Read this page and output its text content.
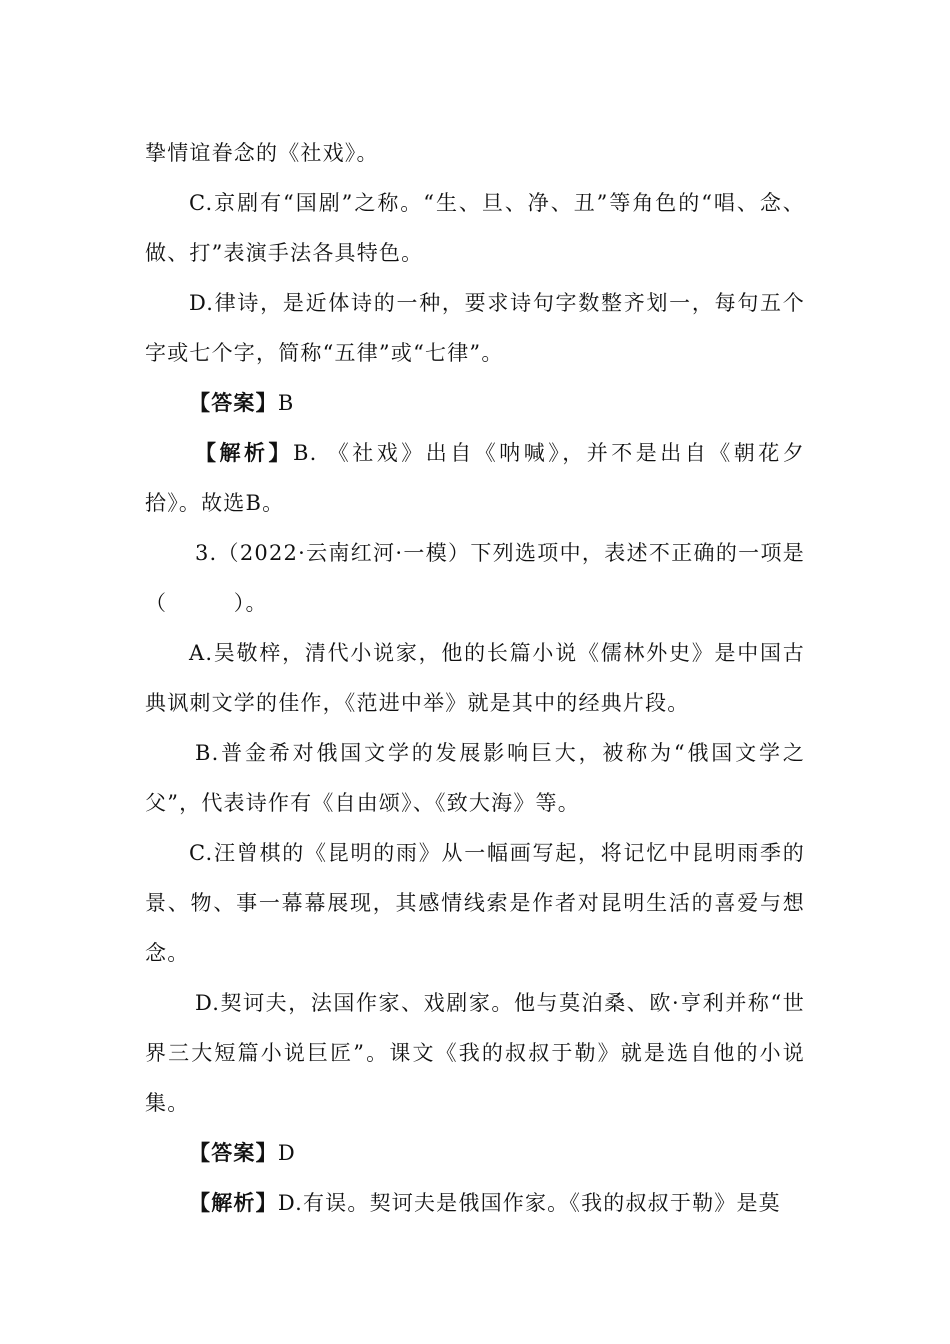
挚情谊眷念的《社戏》。

C.京剧有“国剧”之称。“生、旦、净、丑”等角色的“唱、念、做、打”表演手法各具特色。

D.律诗，是近体诗的一种，要求诗句字数整齐划一，每句五个字或七个字，简称“五律”或“七律”。

【答案】B

【解析】B. 《社戏》出自《呐喊》，并不是出自《朝花夕拾》。故选B。

3.（2022·云南红河·一模）下列选项中，表述不正确的一项是（　　　）。

A.吴敬梓，清代小说家，他的长篇小说《儒林外史》是中国古典讽刺文学的佳作，《范进中举》就是其中的经典片段。

B.普金希对俄国文学的发展影响巨大，被称为“俄国文学之父”，代表诗作有《自由颂》、《致大海》等。

C.汪曾棋的《昆明的雨》从一幅画写起，将记忆中昆明雨季的景、物、事一幕幕展现，其感情线索是作者对昆明生活的喜爱与想念。

D.契诃夫，法国作家、戏剧家。他与莫泊桑、欧·亨利并称“世界三大短篇小说巨匠”。课文《我的叔叔于勒》就是选自他的小说集。

【答案】D

【解析】D.有误。契诃夫是俄国作家。《我的叔叔于勒》是莫
